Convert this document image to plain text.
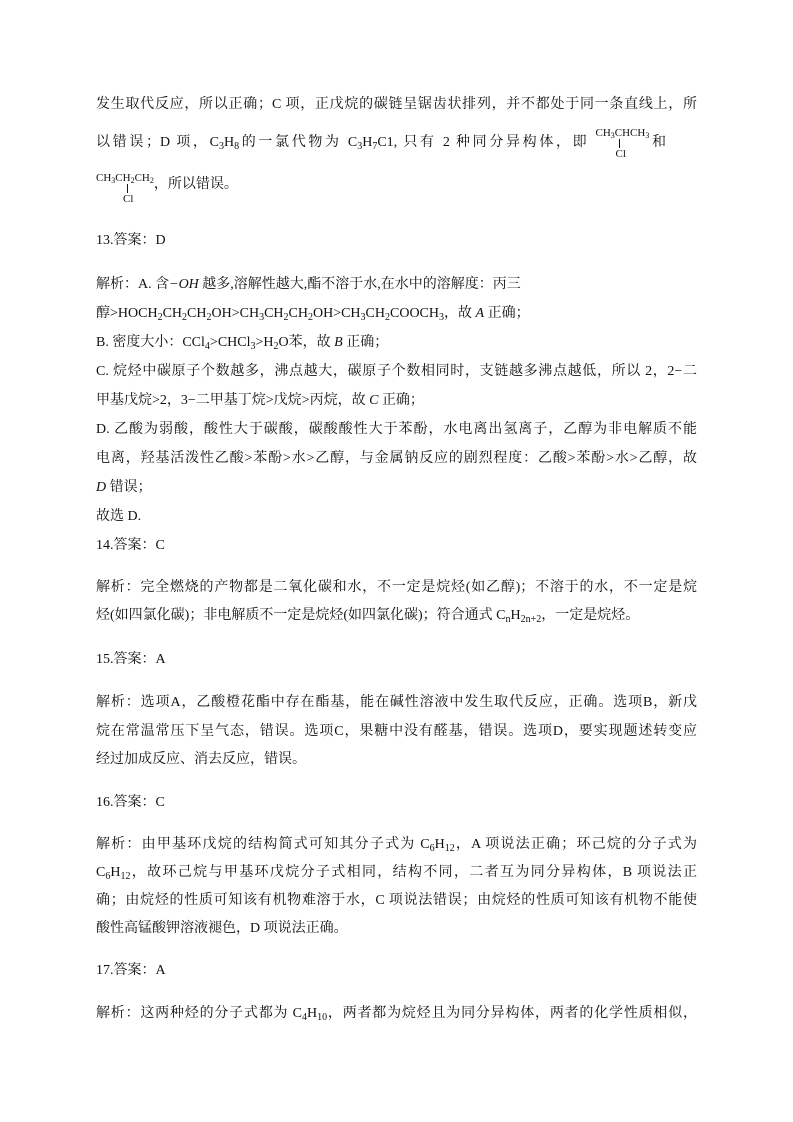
发生取代反应，所以正确；C 项，正戊烷的碳链呈锯齿状排列，并不都处于同一条直线上，所
以错误；D 项，$C_3H_8$的一氯代物为 $C_3H_7C1$, 只有 2 种同分异构体，即
$CH_3CHCH_3$
Cl
和
$CH_3CH_2CH_2$
Cl
，所以错误。
13.答案：D
解析：A. 含−OH 越多,溶解性越大,酯不溶于水,在水中的溶解度：丙三
醇$>HOCH_2CH_2CH_2OH>CH_3CH_2CH_2OH>CH_3CH_2COOCH_3$，故 A 正确；
B. 密度大小：$CCl_4>CHCl_3>H_2O$苯，故 B 正确；
C. 烷烃中碳原子个数越多，沸点越大，碳原子个数相同时，支链越多沸点越低，所以 2，2−二
甲基戊烷>2，3−二甲基丁烷>戊烷>丙烷，故 C 正确；
D. 乙酸为弱酸，酸性大于碳酸，碳酸酸性大于苯酚，水电离出氢离子，乙醇为非电解质不能
电离，羟基活泼性乙酸>苯酚>水>乙醇，与金属钠反应的剧烈程度：乙酸>苯酚>水>乙醇，故
D 错误；
故选 D.
14.答案：C
解析：完全燃烧的产物都是二氧化碳和水，不一定是烷烃(如乙醇)；不溶于的水，不一定是烷
烃(如四氯化碳)；非电解质不一定是烷烃(如四氯化碳)；符合通式 $C_nH_{2n+2}$，一定是烷烃。
15.答案：A
解析：选项A，乙酸橙花酯中存在酯基，能在碱性溶液中发生取代反应，正确。选项B，新戊
烷在常温常压下呈气态，错误。选项C，果糖中没有醛基，错误。选项D，要实现题述转变应
经过加成反应、消去反应，错误。
16.答案：C
解析：由甲基环戊烷的结构简式可知其分子式为 $C_6H_{12}$，A 项说法正确；环己烷的分子式为
$C_6H_{12}$，故环己烷与甲基环戊烷分子式相同，结构不同，二者互为同分异构体，B 项说法正
确；由烷烃的性质可知该有机物难溶于水，C 项说法错误；由烷烃的性质可知该有机物不能使
酸性高锰酸钾溶液褪色，D 项说法正确。
17.答案：A
解析：这两种烃的分子式都为 $C_4H_{10}$，两者都为烷烃且为同分异构体，两者的化学性质相似，
